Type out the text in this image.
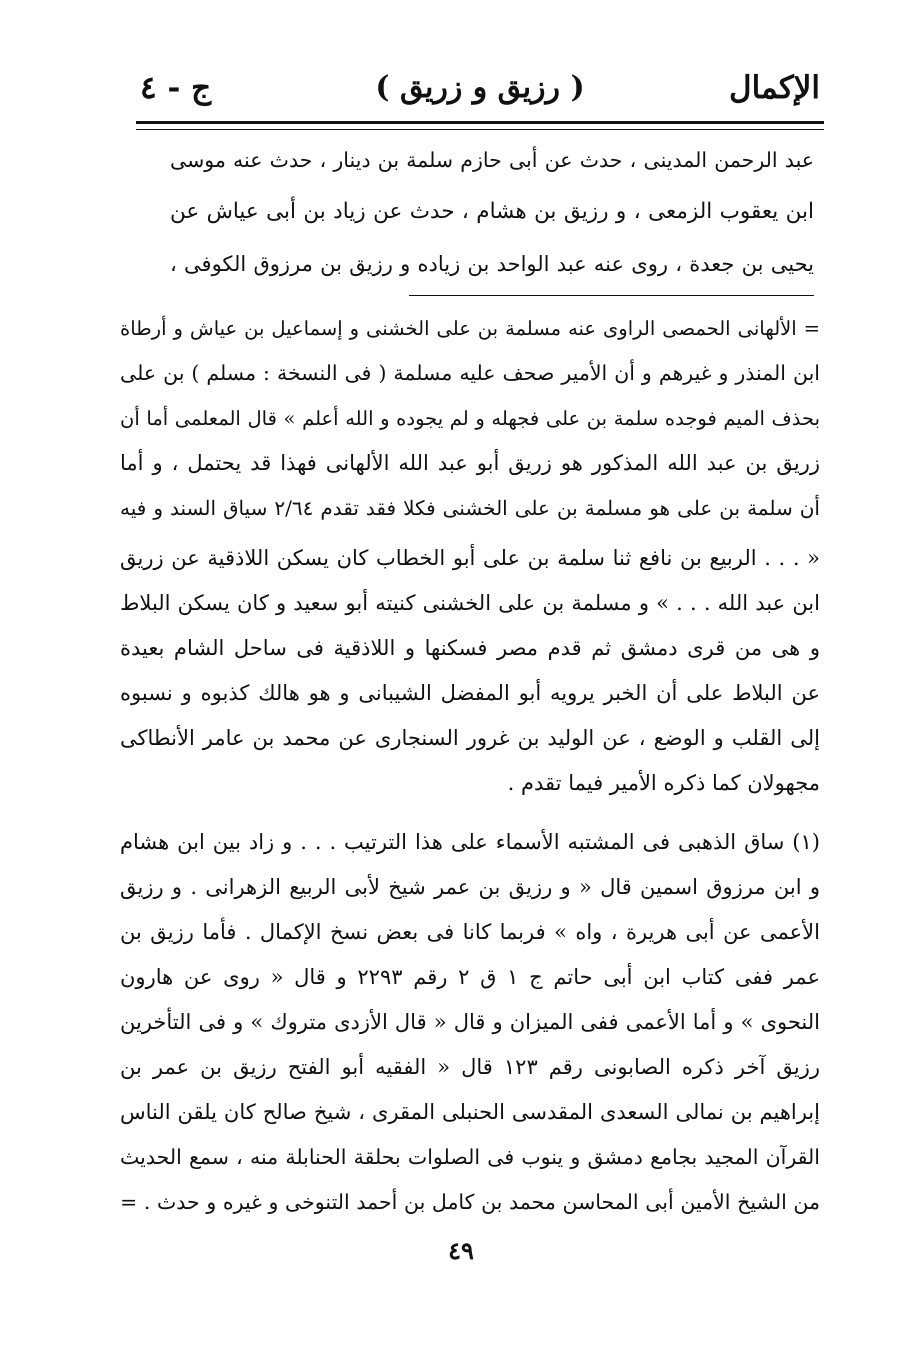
الإكمال
( رزيق و زريق )
ج - ٤

عبد الرحمن المدينى ، حدث عن أبى حازم سلمة بن دينار ، حدث عنه موسى

ابن يعقوب الزمعى ، و رزيق بن هشام ، حدث عن زياد بن أبى عياش عن

يحيى بن جعدة ، روى عنه عبد الواحد بن زياده و رزيق بن مرزوق الكوفى ،

= الألهانى الحمصى الراوى عنه مسلمة بن على الخشنى و إسماعيل بن عياش و أرطاة

ابن المنذر و غيرهم و أن الأمير صحف عليه مسلمة ( فى النسخة : مسلم ) بن على

بحذف الميم فوجده سلمة بن على فجهله و لم يجوده و الله أعلم » قال المعلمى أما أن

زريق بن عبد الله المذكور هو زريق أبو عبد الله الألهانى فهذا قد يحتمل ، و أما

أن سلمة بن على هو مسلمة بن على الخشنى فكلا فقد تقدم ٢/٦٤ سياق السند و فيه

« . . . الربيع بن نافع ثنا سلمة بن على أبو الخطاب كان يسكن اللاذقية عن زريق

ابن عبد الله . . . » و مسلمة بن على الخشنى كنيته أبو سعيد و كان يسكن البلاط

و هى من قرى دمشق ثم قدم مصر فسكنها و اللاذقية فى ساحل الشام بعيدة

عن البلاط على أن الخبر يرويه أبو المفضل الشيبانى و هو هالك كذبوه و نسبوه

إلى القلب و الوضع ، عن الوليد بن غرور السنجارى عن محمد بن عامر الأنطاكى

مجهولان كما ذكره الأمير فيما تقدم .

(١) ساق الذهبى فى المشتبه الأسماء على هذا الترتيب . . . و زاد بين ابن هشام

و ابن مرزوق اسمين قال « و رزيق بن عمر شيخ لأبى الربيع الزهرانى . و رزيق

الأعمى عن أبى هريرة ، واه » فربما كانا فى بعض نسخ الإكمال . فأما رزيق بن

عمر ففى كتاب ابن أبى حاتم ج ١ ق ٢ رقم ٢٢٩٣ و قال « روى عن هارون

النحوى » و أما الأعمى ففى الميزان و قال « قال الأزدى متروك » و فى التأخرين

رزيق آخر ذكره الصابونى رقم ١٢٣ قال « الفقيه أبو الفتح رزيق بن عمر بن

إبراهيم بن نمالى السعدى المقدسى الحنبلى المقرى ، شيخ صالح كان يلقن الناس

القرآن المجيد بجامع دمشق و ينوب فى الصلوات بحلقة الحنابلة منه ، سمع الحديث

من الشيخ الأمين أبى المحاسن محمد بن كامل بن أحمد التنوخى و غيره و حدث . =

٤٩
